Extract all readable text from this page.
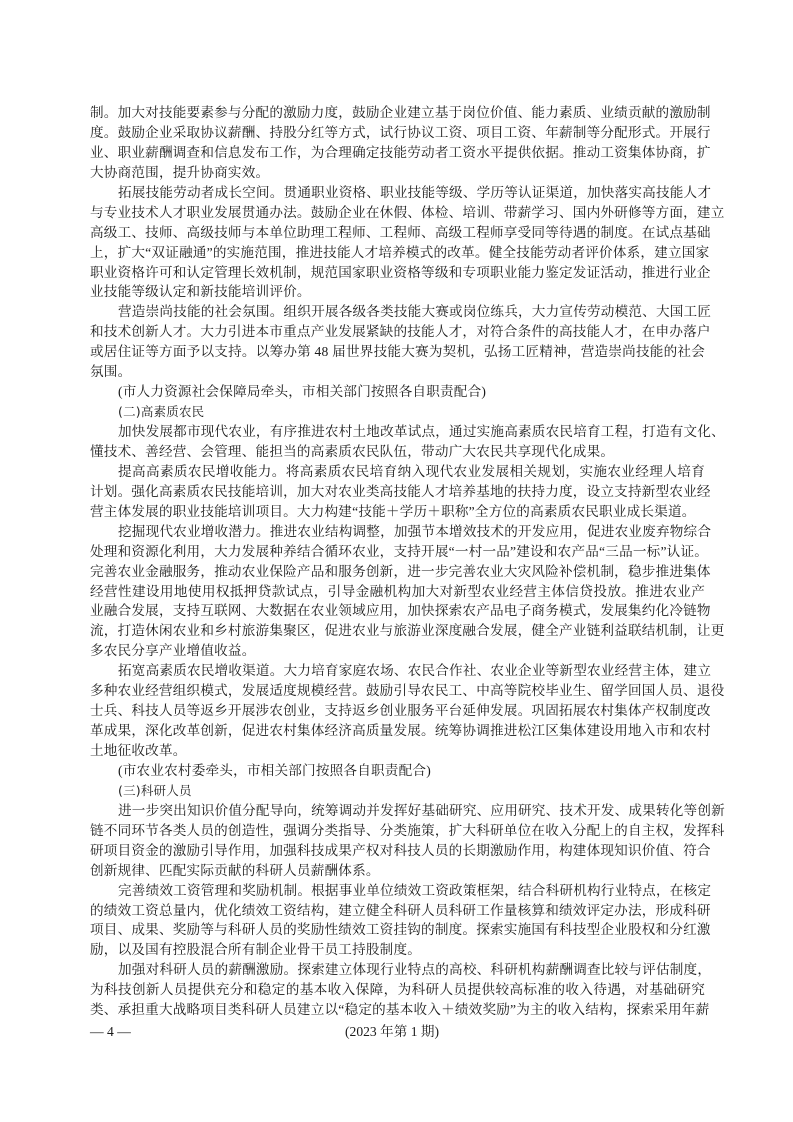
制。加大对技能要素参与分配的激励力度，鼓励企业建立基于岗位价值、能力素质、业绩贡献的激励制
度。鼓励企业采取协议薪酬、持股分红等方式，试行协议工资、项目工资、年薪制等分配形式。开展行
业、职业薪酬调查和信息发布工作，为合理确定技能劳动者工资水平提供依据。推动工资集体协商，扩
大协商范围，提升协商实效。
拓展技能劳动者成长空间。贯通职业资格、职业技能等级、学历等认证渠道，加快落实高技能人才
与专业技术人才职业发展贯通办法。鼓励企业在休假、体检、培训、带薪学习、国内外研修等方面，建立
高级工、技师、高级技师与本单位助理工程师、工程师、高级工程师享受同等待遇的制度。在试点基础
上，扩大“双证融通”的实施范围，推进技能人才培养模式的改革。健全技能劳动者评价体系，建立国家
职业资格许可和认定管理长效机制，规范国家职业资格等级和专项职业能力鉴定发证活动，推进行业企
业技能等级认定和新技能培训评价。
营造崇尚技能的社会氛围。组织开展各级各类技能大赛或岗位练兵，大力宣传劳动模范、大国工匠
和技术创新人才。大力引进本市重点产业发展紧缺的技能人才，对符合条件的高技能人才，在申办落户
或居住证等方面予以支持。以筹办第 48 届世界技能大赛为契机，弘扬工匠精神，营造崇尚技能的社会
氛围。
(市人力资源社会保障局牵头，市相关部门按照各自职责配合)
(二)高素质农民
加快发展都市现代农业，有序推进农村土地改革试点，通过实施高素质农民培育工程，打造有文化、
懂技术、善经营、会管理、能担当的高素质农民队伍，带动广大农民共享现代化成果。
提高高素质农民增收能力。将高素质农民培育纳入现代农业发展相关规划，实施农业经理人培育
计划。强化高素质农民技能培训，加大对农业类高技能人才培养基地的扶持力度，设立支持新型农业经
营主体发展的职业技能培训项目。大力构建“技能＋学历＋职称”全方位的高素质农民职业成长渠道。
挖掘现代农业增收潜力。推进农业结构调整，加强节本增效技术的开发应用，促进农业废弃物综合
处理和资源化利用，大力发展种养结合循环农业，支持开展“一村一品”建设和农产品“三品一标”认证。
完善农业金融服务，推动农业保险产品和服务创新，进一步完善农业大灾风险补偿机制，稳步推进集体
经营性建设用地使用权抵押贷款试点，引导金融机构加大对新型农业经营主体信贷投放。推进农业产
业融合发展，支持互联网、大数据在农业领域应用，加快探索农产品电子商务模式，发展集约化冷链物
流，打造休闲农业和乡村旅游集聚区，促进农业与旅游业深度融合发展，健全产业链利益联结机制，让更
多农民分享产业增值收益。
拓宽高素质农民增收渠道。大力培育家庭农场、农民合作社、农业企业等新型农业经营主体，建立
多种农业经营组织模式，发展适度规模经营。鼓励引导农民工、中高等院校毕业生、留学回国人员、退役
士兵、科技人员等返乡开展涉农创业，支持返乡创业服务平台延伸发展。巩固拓展农村集体产权制度改
革成果，深化改革创新，促进农村集体经济高质量发展。统筹协调推进松江区集体建设用地入市和农村
土地征收改革。
(市农业农村委牵头，市相关部门按照各自职责配合)
(三)科研人员
进一步突出知识价值分配导向，统筹调动并发挥好基础研究、应用研究、技术开发、成果转化等创新
链不同环节各类人员的创造性，强调分类指导、分类施策，扩大科研单位在收入分配上的自主权，发挥科
研项目资金的激励引导作用，加强科技成果产权对科技人员的长期激励作用，构建体现知识价值、符合
创新规律、匹配实际贡献的科研人员薪酬体系。
完善绩效工资管理和奖励机制。根据事业单位绩效工资政策框架，结合科研机构行业特点，在核定
的绩效工资总量内，优化绩效工资结构，建立健全科研人员科研工作量核算和绩效评定办法，形成科研
项目、成果、奖励等与科研人员的奖励性绩效工资挂钩的制度。探索实施国有科技型企业股权和分红激
励，以及国有控股混合所有制企业骨干员工持股制度。
加强对科研人员的薪酬激励。探索建立体现行业特点的高校、科研机构薪酬调查比较与评估制度，
为科技创新人员提供充分和稳定的基本收入保障，为科研人员提供较高标准的收入待遇，对基础研究
类、承担重大战略项目类科研人员建立以“稳定的基本收入＋绩效奖励”为主的收入结构，探索采用年薪
— 4 —	(2023 年第 1 期)
